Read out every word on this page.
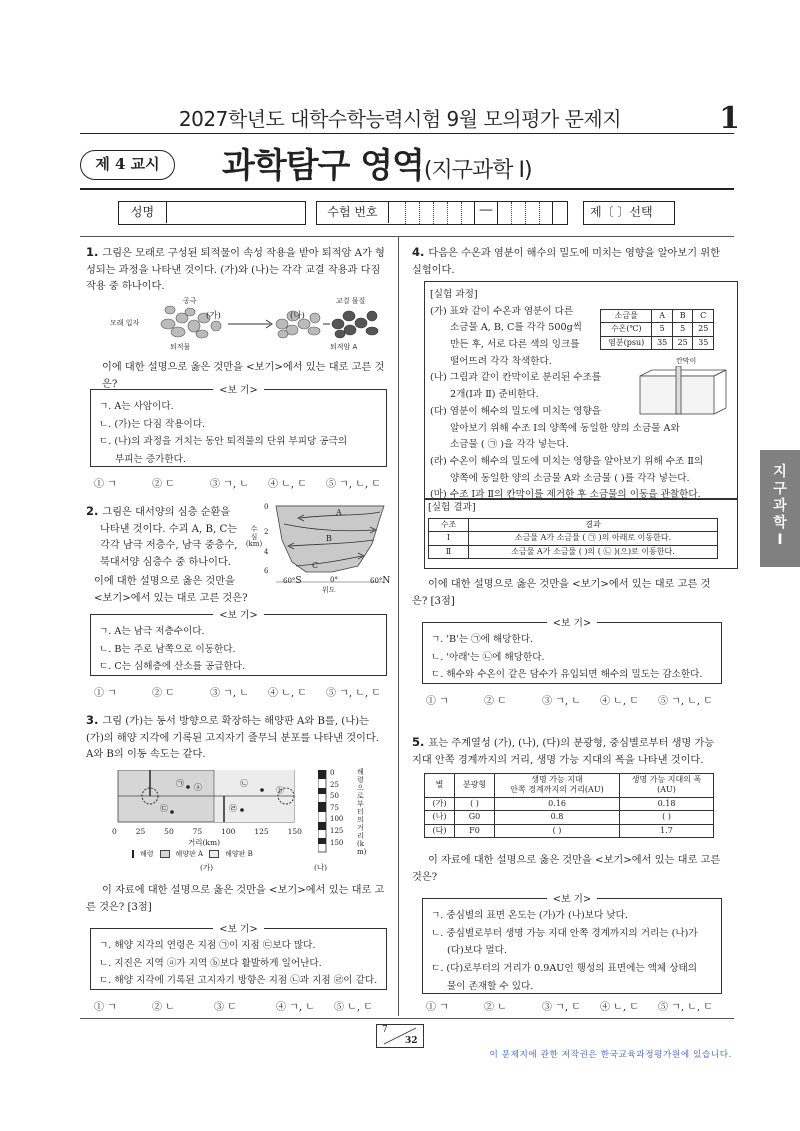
2027학년도 대학수학능력시험 9월 모의평가 문제지	1
제 4 교시	과학탐구 영역(지구과학 Ⅰ)
성명	수험 번호	—	제〔 〕선택
1. 그림은 모래로 구성된 퇴적물이 속성 작용을 받아 퇴적암 A가 형성되는 과정을 나타낸 것이다. (가)와 (나)는 각각 교결 작용과 다짐 작용 중 하나이다.
공극
모래 입자
퇴적물
교결 물질
퇴적암 A
(가)	(나)
이에 대한 설명으로 옳은 것만을 <보기>에서 있는 대로 고른 것은?
<보 기>
ㄱ. A는 사암이다.
ㄴ. (가)는 다짐 작용이다.
ㄷ. (나)의 과정을 거치는 동안 퇴적물의 단위 부피당 공극의
부피는 증가한다.
① ㄱ	② ㄷ	③ ㄱ, ㄴ	④ ㄴ, ㄷ	⑤ ㄱ, ㄴ, ㄷ
2. 그림은 대서양의 심층 순환을
나타낸 것이다. 수괴 A, B, C는
각각 남극 저층수, 남극 중층수,
북대서양 심층수 중 하나이다.
0
2
4
6
수
심
(km)
A
B
C
60°S	0°	60°N
위도
이에 대한 설명으로 옳은 것만을
<보기>에서 있는 대로 고른 것은?
<보 기>
ㄱ. A는 남극 저층수이다.
ㄴ. B는 주로 남쪽으로 이동한다.
ㄷ. C는 심해층에 산소를 공급한다.
① ㄱ	② ㄷ	③ ㄱ, ㄴ	④ ㄴ, ㄷ	⑤ ㄱ, ㄴ, ㄷ
3. 그림 (가)는 동서 방향으로 확장하는 해양판 A와 B를, (나)는 (가)의 해양 지각에 기록된 고지자기 줄무늬 분포를 나타낸 것이다. A와 B의 이동 속도는 같다.
㉠	㉡
㉢	㉣
ⓐ	ⓑ
0	25	50	75	100	125	150
거리(km)
해령	해양판 A	해양판 B
(가)
0
25
50
75
100
125
150
해령으로부터의 거리(km)
(나)
이 자료에 대한 설명으로 옳은 것만을 <보기>에서 있는 대로 고른 것은? [3점]
<보 기>
ㄱ. 해양 지각의 연령은 지점 ㉠이 지점 ㉢보다 많다.
ㄴ. 지진은 지역 ⓐ가 지역 ⓑ보다 활발하게 일어난다.
ㄷ. 해양 지각에 기록된 고지자기 방향은 지점 ㉡과 지점 ㉣이 같다.
① ㄱ	② ㄴ	③ ㄷ	④ ㄱ, ㄴ	⑤ ㄴ, ㄷ
4. 다음은 수온과 염분이 해수의 밀도에 미치는 영향을 알아보기 위한 실험이다.
[실험 과정]
(가) 표와 같이 수온과 염분이 다른
소금물 A, B, C를 각각 500g씩
만든 후, 서로 다른 색의 잉크를
떨어뜨려 각각 착색한다.
(나) 그림과 같이 칸막이로 분리된 수조를
2개(Ⅰ과 Ⅱ) 준비한다.
(다) 염분이 해수의 밀도에 미치는 영향을
알아보기 위해 수조 Ⅰ의 양쪽에 동일한 양의 소금물 A와
소금물 ( ㉠ )을 각각 넣는다.
(라) 수온이 해수의 밀도에 미치는 영향을 알아보기 위해 수조 Ⅱ의
양쪽에 동일한 양의 소금물 A와 소금물 ( )를 각각 넣는다.
(마) 수조 Ⅰ과 Ⅱ의 칸막이를 제거한 후 소금물의 이동을 관찰한다.
소금물	A	B	C
수온(℃)	5	5	25
염분(psu)	35	25	35
칸막이
[실험 결과]
수조	결과
Ⅰ	소금물 A가 소금물 ( ㉠ )의 아래로 이동한다.
Ⅱ	소금물 A가 소금물 ( )의 ( ㉡ )(으)로 이동한다.
이에 대한 설명으로 옳은 것만을 <보기>에서 있는 대로 고른 것은? [3점]
<보 기>
ㄱ. 'B'는 ㉠에 해당한다.
ㄴ. '아래'는 ㉡에 해당한다.
ㄷ. 해수와 수온이 같은 담수가 유입되면 해수의 밀도는 감소한다.
① ㄱ	② ㄷ	③ ㄱ, ㄴ	④ ㄴ, ㄷ	⑤ ㄱ, ㄴ, ㄷ
5. 표는 주계열성 (가), (나), (다)의 분광형, 중심별로부터 생명 가능 지대 안쪽 경계까지의 거리, 생명 가능 지대의 폭을 나타낸 것이다.
별	분광형	생명 가능 지대
안쪽 경계까지의 거리(AU)	생명 가능 지대의 폭
(AU)
(가)	( )	0.16	0.18
(나)	G0	0.8	( )
(다)	F0	( )	1.7
이 자료에 대한 설명으로 옳은 것만을 <보기>에서 있는 대로 고른 것은?
<보 기>
ㄱ. 중심별의 표면 온도는 (가)가 (나)보다 낮다.
ㄴ. 중심별로부터 생명 가능 지대 안쪽 경계까지의 거리는 (나)가
(다)보다 멀다.
ㄷ. (다)로부터의 거리가 0.9AU인 행성의 표면에는 액체 상태의
물이 존재할 수 있다.
① ㄱ	② ㄴ	③ ㄱ, ㄷ	④ ㄴ, ㄷ	⑤ ㄱ, ㄴ, ㄷ
지구과학Ⅰ
7
32
이 문제지에 관한 저작권은 한국교육과정평가원에 있습니다.
